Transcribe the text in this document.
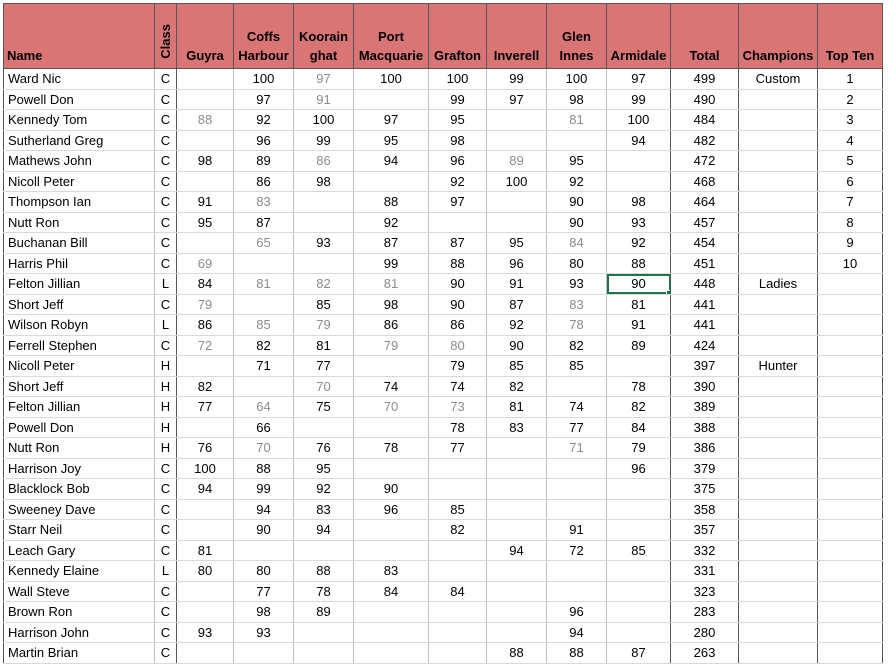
Name	Class	Guyra	Coffs Harbour	Koorain ghat	Port Macquarie	Grafton	Inverell	Glen Innes	Armidale	Total	Champions	Top Ten
Ward Nic	C		100	97	100	100	99	100	97	499	Custom	1
Powell Don	C		97	91		99	97	98	99	490		2
Kennedy Tom	C	88	92	100	97	95		81	100	484		3
Sutherland Greg	C		96	99	95	98			94	482		4
Mathews John	C	98	89	86	94	96	89	95		472		5
Nicoll Peter	C		86	98		92	100	92		468		6
Thompson Ian	C	91	83		88	97		90	98	464		7
Nutt Ron	C	95	87		92			90	93	457		8
Buchanan Bill	C		65	93	87	87	95	84	92	454		9
Harris Phil	C	69			99	88	96	80	88	451		10
Felton Jillian	L	84	81	82	81	90	91	93	90	448	Ladies	
Short Jeff	C	79		85	98	90	87	83	81	441		
Wilson Robyn	L	86	85	79	86	86	92	78	91	441		
Ferrell Stephen	C	72	82	81	79	80	90	82	89	424		
Nicoll Peter	H		71	77		79	85	85		397	Hunter	
Short Jeff	H	82		70	74	74	82		78	390		
Felton Jillian	H	77	64	75	70	73	81	74	82	389		
Powell Don	H		66			78	83	77	84	388		
Nutt Ron	H	76	70	76	78	77		71	79	386		
Harrison Joy	C	100	88	95					96	379		
Blacklock Bob	C	94	99	92	90					375		
Sweeney Dave	C		94	83	96	85				358		
Starr Neil	C		90	94		82		91		357		
Leach Gary	C	81					94	72	85	332		
Kennedy Elaine	L	80	80	88	83					331		
Wall Steve	C		77	78	84	84				323		
Brown Ron	C		98	89				96		283		
Harrison John	C	93	93					94		280		
Martin Brian	C						88	88	87	263		
